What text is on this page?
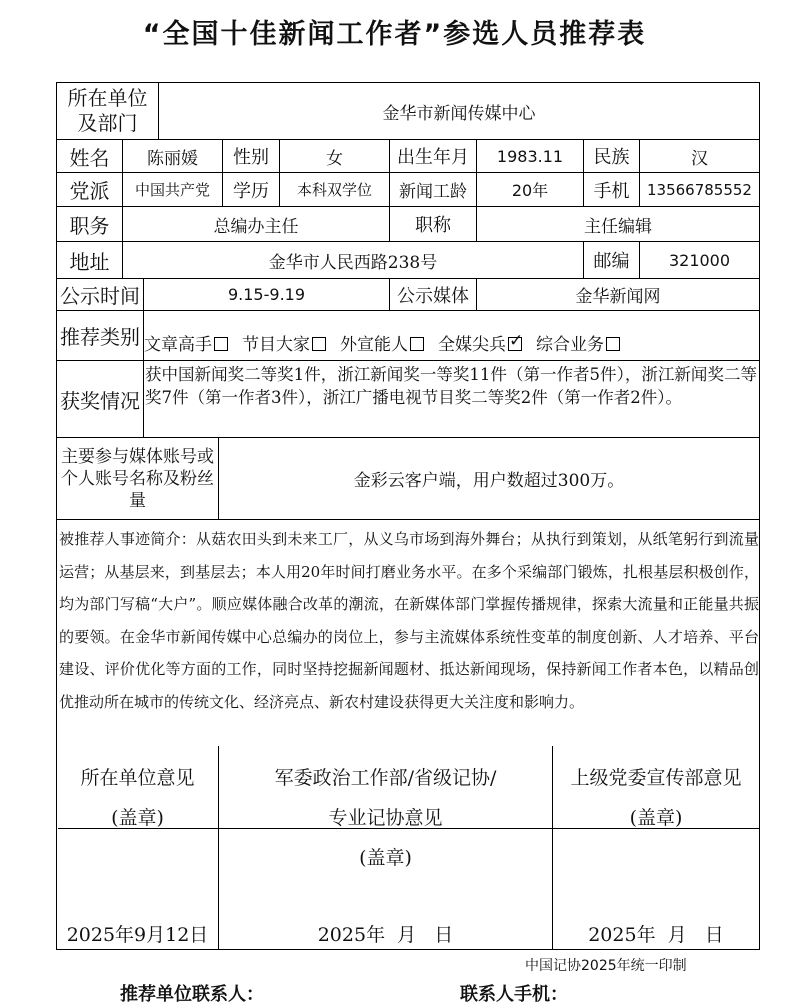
“全国十佳新闻工作者”参选人员推荐表
所在单位
及部门	金华市新闻传媒中心
姓名	陈丽媛	性别	女	出生年月	1983.11	民族	汉
党派	中国共产党	学历	本科双学位	新闻工龄	20年	手机	13566785552
职务	总编办主任	职称	主任编辑
地址	金华市人民西路238号	邮编	321000
公示时间	9.15-9.19	公示媒体	金华新闻网
推荐类别 文章高手	节目大家	外宣能人	全媒尖兵✓	综合业务
获奖情况
获中国新闻奖二等奖1件，浙江新闻奖一等奖11件（第一作者5件），浙江新闻奖二等奖7件（第一作者3件），浙江广播电视节目奖二等奖2件（第一作者2件）。
主要参与媒体账号或个人账号名称及粉丝量
金彩云客户端，用户数超过300万。
被推荐人事迹简介：从菇农田头到未来工厂，从义乌市场到海外舞台；从执行到策划，从纸笔躬行到流量运营；从基层来，到基层去；本人用20年时间打磨业务水平。在多个采编部门锻炼，扎根基层积极创作，均为部门写稿“大户”。顺应媒体融合改革的潮流，在新媒体部门掌握传播规律，探索大流量和正能量共振的要领。在金华市新闻传媒中心总编办的岗位上，参与主流媒体系统性变革的制度创新、人才培养、平台建设、评价优化等方面的工作，同时坚持挖掘新闻题材、抵达新闻现场，保持新闻工作者本色，以精品创优推动所在城市的传统文化、经济亮点、新农村建设获得更大关注度和影响力。
所在单位意见
(盖章)
2025年9月12日
军委政治工作部/省级记协/
专业记协意见
(盖章)
2025年  月   日
上级党委宣传部意见
(盖章)
2025年  月   日
中国记协2025年统一印制
推荐单位联系人：	联系人手机：
